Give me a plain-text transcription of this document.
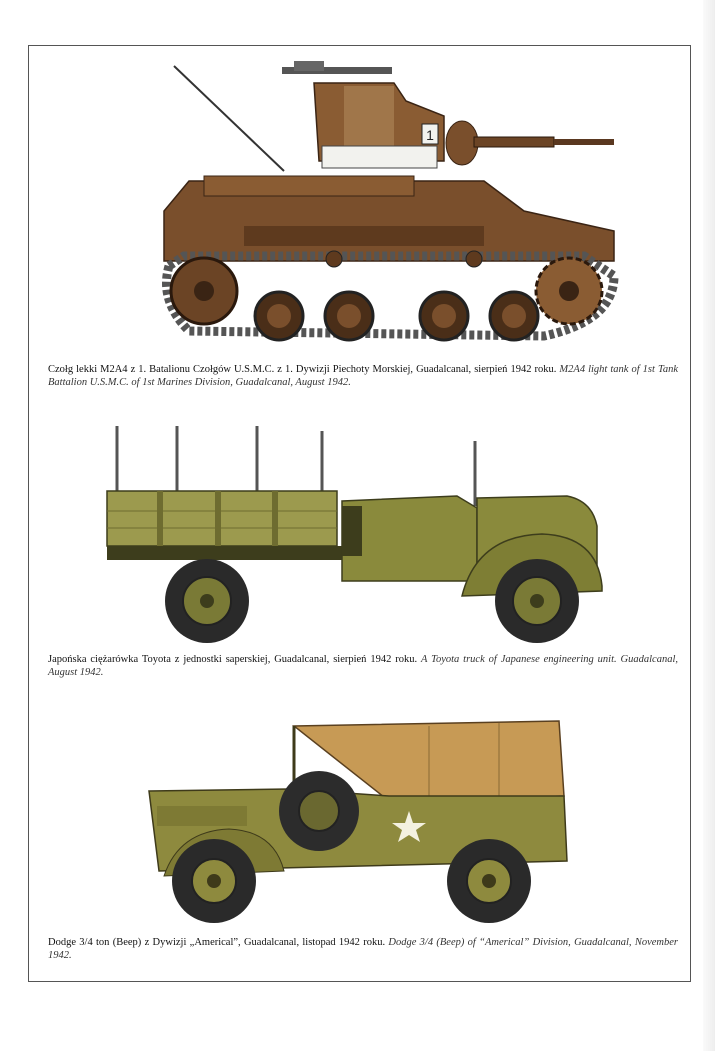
1
Czołg lekki M2A4 z 1. Batalionu Czołgów U.S.M.C. z 1. Dywizji Piechoty Morskiej, Guadalcanal, sierpień 1942 roku. M2A4 light tank of 1st Tank Battalion U.S.M.C. of 1st Marines Division, Guadalcanal, August 1942.
Japońska ciężarówka Toyota z jednostki saperskiej, Guadalcanal, sierpień 1942 roku. A Toyota truck of Japanese engineering unit. Guadalcanal, August 1942.
Dodge 3/4 ton (Beep) z Dywizji „Americal”, Guadalcanal, listopad 1942 roku. Dodge 3/4 (Beep) of “Americal” Division, Guadalcanal, November 1942.
